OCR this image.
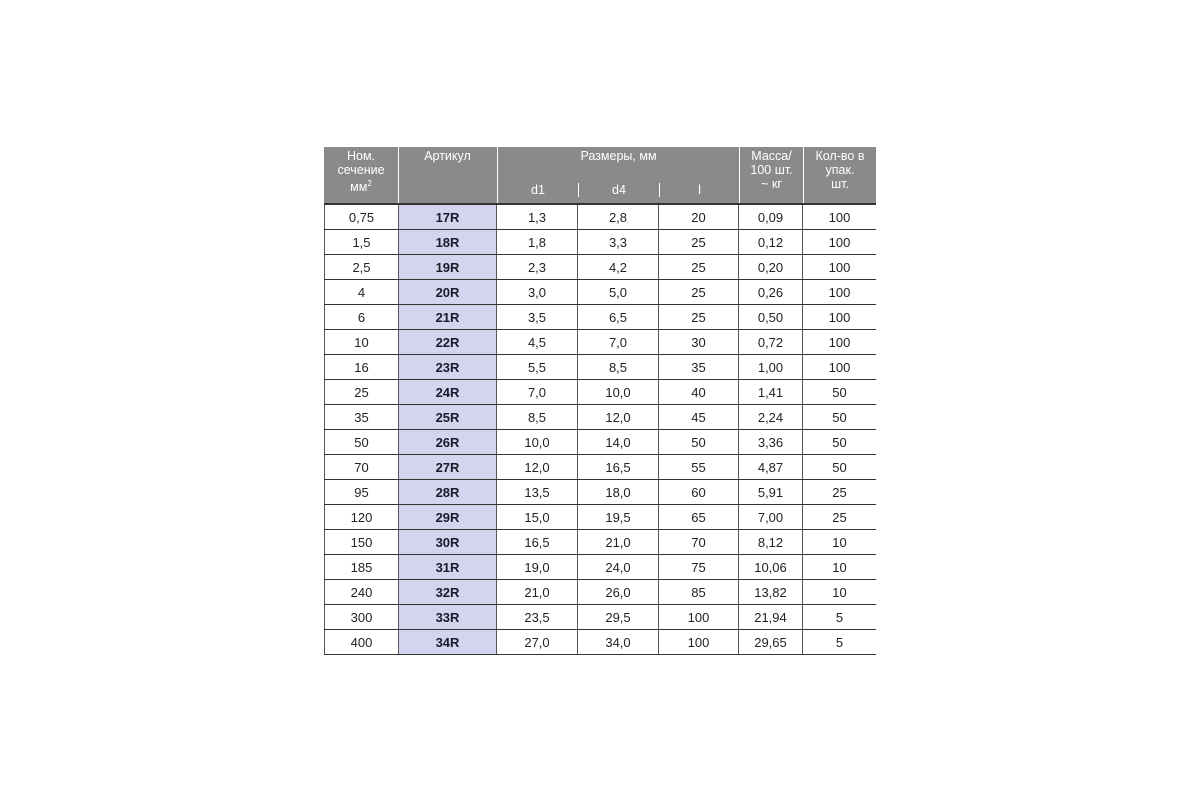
Ном.
сечение
$мм^2$
Артикул	Размеры, мм
d1	d4	l
Масса/
100 шт.
~ кг
Кол-во в
упак.
шт.
0,75	17R	1,3	2,8	20	0,09	100
1,5	18R	1,8	3,3	25	0,12	100
2,5	19R	2,3	4,2	25	0,20	100
4	20R	3,0	5,0	25	0,26	100
6	21R	3,5	6,5	25	0,50	100
10	22R	4,5	7,0	30	0,72	100
16	23R	5,5	8,5	35	1,00	100
25	24R	7,0	10,0	40	1,41	50
35	25R	8,5	12,0	45	2,24	50
50	26R	10,0	14,0	50	3,36	50
70	27R	12,0	16,5	55	4,87	50
95	28R	13,5	18,0	60	5,91	25
120	29R	15,0	19,5	65	7,00	25
150	30R	16,5	21,0	70	8,12	10
185	31R	19,0	24,0	75	10,06	10
240	32R	21,0	26,0	85	13,82	10
300	33R	23,5	29,5	100	21,94	5
400	34R	27,0	34,0	100	29,65	5
